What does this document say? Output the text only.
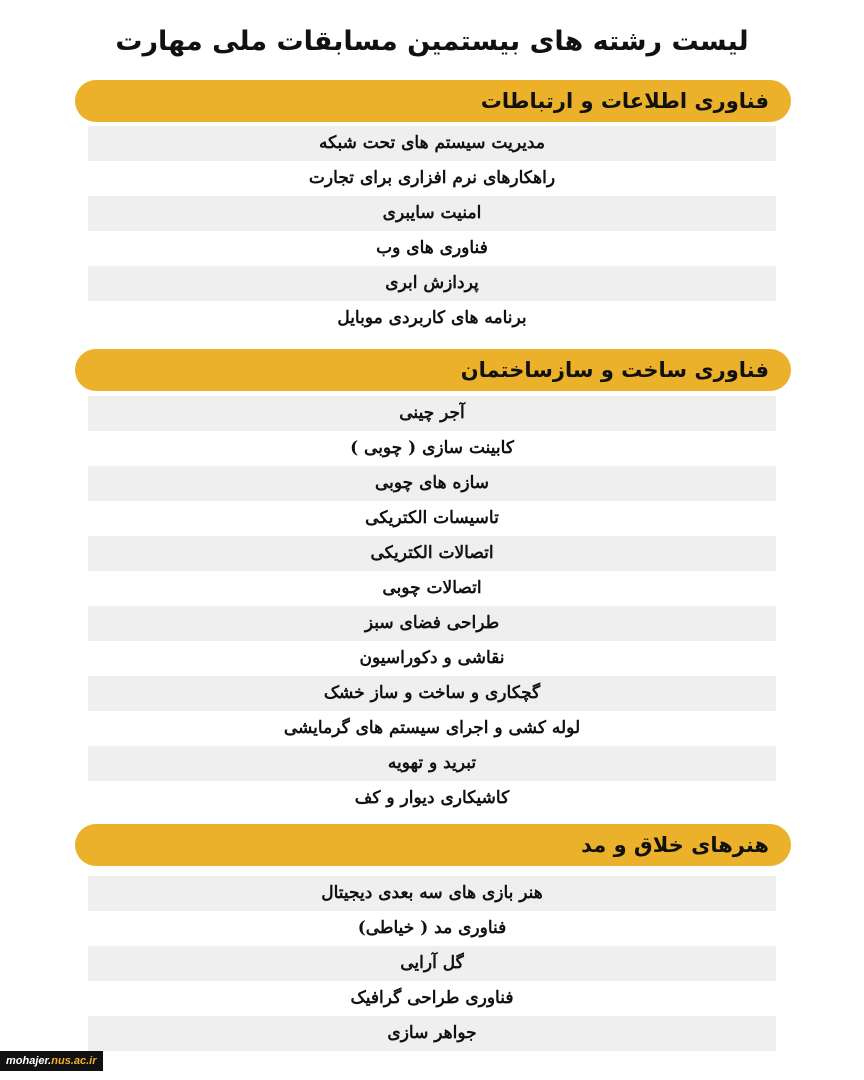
لیست رشته های بیستمین مسابقات ملی مهارت
فناوری اطلاعات و ارتباطات
مدیریت سیستم های تحت شبکه
راهکارهای نرم افزاری برای تجارت
امنیت سایبری
فناوری های وب
پردازش ابری
برنامه های کاربردی موبایل
فناوری ساخت و سازساختمان
آجر چینی
کابینت سازی ( چوبی )
سازه های چوبی
تاسیسات الکتریکی
اتصالات الکتریکی
اتصالات چوبی
طراحی فضای سبز
نقاشی و دکوراسیون
گچکاری و ساخت و ساز خشک
لوله کشی و اجرای سیستم های گرمایشی
تبرید و تهویه
کاشیکاری دیوار و کف
هنرهای خلاق و مد
هنر بازی های سه بعدی دیجیتال
فناوری مد ( خیاطی)
گل آرایی
فناوری طراحی گرافیک
جواهر سازی
mohajer.nus.ac.ir
